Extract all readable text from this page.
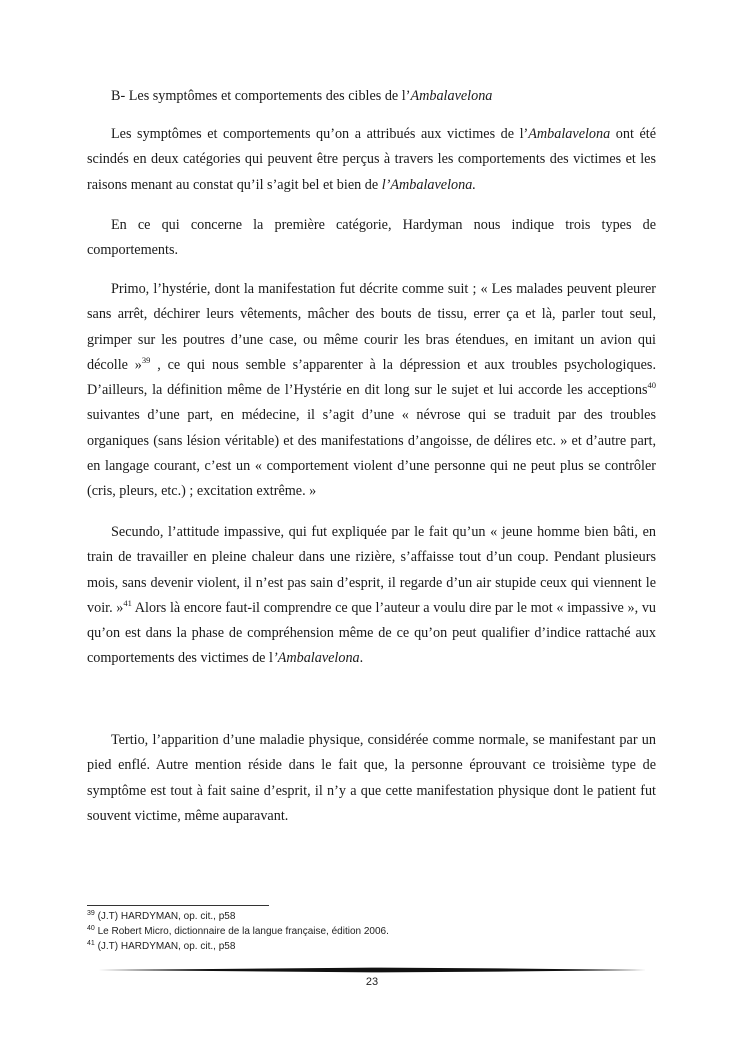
B- Les symptômes et comportements des cibles de l’Ambalavelona

Les symptômes et comportements qu’on a attribués aux victimes de l’Ambalavelona ont été scindés en deux catégories qui peuvent être perçus à travers les comportements des victimes et les raisons menant au constat qu’il s’agit bel et bien de l’Ambalavelona.

En ce qui concerne la première catégorie, Hardyman nous indique trois types de comportements.

Primo, l’hystérie, dont la manifestation fut décrite comme suit ; « Les malades peuvent pleurer sans arrêt, déchirer leurs vêtements, mâcher des bouts de tissu, errer ça et là, parler tout seul, grimper sur les poutres d’une case, ou même courir les bras étendues, en imitant un avion qui décolle »$^{39}$ , ce qui nous semble s’apparenter à la dépression et aux troubles psychologiques. D’ailleurs, la définition même de l’Hystérie en dit long sur le sujet et lui accorde les acceptions$^{40}$ suivantes d’une part, en médecine, il s’agit d’une « névrose qui se traduit par des troubles organiques (sans lésion véritable) et des manifestations d’angoisse, de délires etc. » et d’autre part, en langage courant, c’est un « comportement violent d’une personne qui ne peut plus se contrôler (cris, pleurs, etc.) ; excitation extrême. »

Secundo, l’attitude impassive, qui fut expliquée par le fait qu’un « jeune homme bien bâti, en train de travailler en pleine chaleur dans une rizière, s’affaisse tout d’un coup. Pendant plusieurs mois, sans devenir violent, il n’est pas sain d’esprit, il regarde d’un air stupide ceux qui viennent le voir. »$^{41}$ Alors là encore faut-il comprendre ce que l’auteur a voulu dire par le mot « impassive », vu qu’on est dans la phase de compréhension même de ce qu’on peut qualifier d’indice rattaché aux comportements des victimes de l’Ambalavelona.

Tertio, l’apparition d’une maladie physique, considérée comme normale, se manifestant par un pied enflé. Autre mention réside dans le fait que, la personne éprouvant ce troisième type de symptôme est tout à fait saine d’esprit, il n’y a que cette manifestation physique dont le patient fut souvent victime, même auparavant.

$^{39}$ (J.T) HARDYMAN, op. cit., p58
$^{40}$ Le Robert Micro, dictionnaire de la langue française, édition 2006.
$^{41}$ (J.T) HARDYMAN, op. cit., p58
23
